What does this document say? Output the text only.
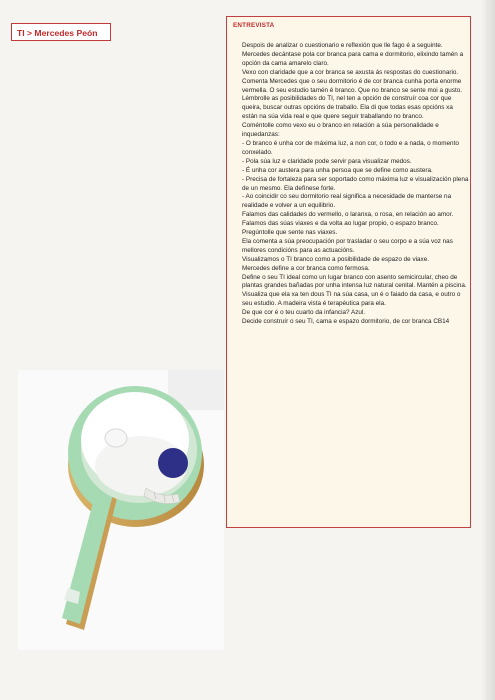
TI > Mercedes Peón
ENTREVISTA

Despois de analizar o cuestionario e reflexión que lle fago é a seguinte.

Mercedes decántase pola cor branca para cama e dormitorio, elixindo tamén a opción da cama amarelo claro.

Vexo con claridade que a cor branca se axusta ás respostas do cuestionario.

Comenta Mercedes que o seu dormitorio é de cor branca cunha porta enorme vermella. O seu estudio tamén é branco. Que no branco se sente moi a gusto. Lémbrolle as posibilidades do TI, nel ten a opción de construír coa cor que queira, buscar outras opcións de traballo. Ela di que todas esas opcións xa están na súa vida real e que quere seguir traballando no branco.

Coméntolle como vexo eu o branco en relación a súa personalidade e inquedanzas:

- O branco é unha cor de máxima luz, a non cor, o todo e a nada, o momento conxelado.

- Pola súa luz e claridade pode servir para visualizar medos.

- É unha cor austera para unha persoa que se define como austera.

- Precisa de fortaleza para ser soportado como máxima luz e visualización plena de un mesmo. Ela defínese forte.

- Ao coincidir co seu dormitorio real significa a necesidade de manterse na realidade e volver a un equilibrio.

Falamos das calidades do vermello, o laranxa, o rosa, en relación ao amor.

Falamos das súas viaxes e da volta ao lugar propio, o espazo branco. Pregúntolle que sente nas viaxes.

Ela comenta a súa preocupación por trasladar o seu corpo e a súa voz nas mellores condicións para as actuacións.

Visualizamos o TI branco como a posibilidade de espazo de viaxe.

Mercedes define a cor branca como fermosa.

Define o seu TI ideal como un lugar branco con asento semicircular, cheo de plantas grandes bañadas por unha intensa luz natural cenital. Mantén a piscina.

Visualiza que ela xa ten dous TI na súa casa, un é o faiado da casa, e outro o seu estudio. A madeira vista é terapéutica para ela.

De que cor é o teu cuarto da infancia? Azul.

Decide construír o seu TI, cama e espazo dormitorio, de cor branca CB14
